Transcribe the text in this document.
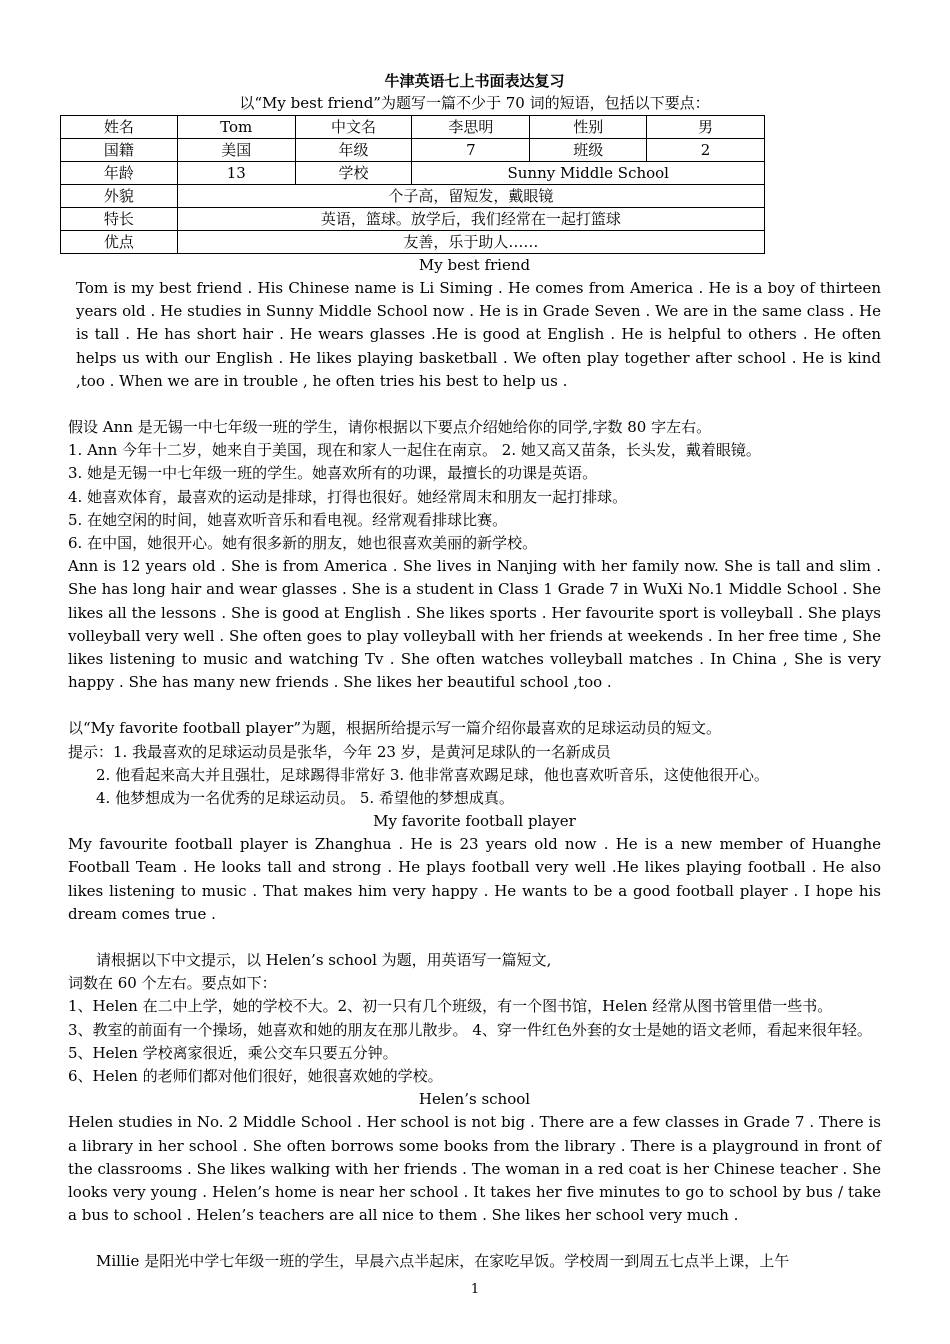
牛津英语七上书面表达复习
以“My best friend”为题写一篇不少于 70 词的短语，包括以下要点：
姓名	Tom	中文名	李思明	性别	男
国籍	美国	年级	7	班级	2
年龄	13	学校	Sunny Middle School		
外貌	个子高，留短发，戴眼镜				
特长	英语，篮球。放学后，我们经常在一起打篮球				
优点	友善，乐于助人……				
My best friend
Tom is my best friend . His Chinese name is Li Siming . He comes from America . He is a boy of thirteen years old . He studies in Sunny Middle School now . He is in Grade Seven . We are in the same class . He is tall . He has short hair . He wears glasses .He is good at English . He is helpful to others . He often helps us with our English . He likes playing basketball . We often play together after school . He is kind ,too . When we are in trouble , he often tries his best to help us .
假设 Ann 是无锡一中七年级一班的学生，请你根据以下要点介绍她给你的同学,字数 80 字左右。
1. Ann 今年十二岁，她来自于美国，现在和家人一起住在南京。 2. 她又高又苗条，长头发，戴着眼镜。
3. 她是无锡一中七年级一班的学生。她喜欢所有的功课，最擅长的功课是英语。
4. 她喜欢体育，最喜欢的运动是排球，打得也很好。她经常周末和朋友一起打排球。
5. 在她空闲的时间，她喜欢听音乐和看电视。经常观看排球比赛。
6. 在中国，她很开心。她有很多新的朋友，她也很喜欢美丽的新学校。
Ann is 12 years old . She is from America . She lives in Nanjing with her family now. She is tall and slim . She has long hair and wear glasses . She is a student in Class 1 Grade 7 in WuXi No.1 Middle School . She likes all the lessons . She is good at English . She likes sports . Her favourite sport is volleyball . She plays volleyball very well . She often goes to play volleyball with her friends at weekends . In her free time , She likes listening to music and watching Tv . She often watches volleyball matches . In China , She is very happy . She has many new friends . She likes her beautiful school ,too .
以“My favorite football player”为题，根据所给提示写一篇介绍你最喜欢的足球运动员的短文。
提示：1. 我最喜欢的足球运动员是张华，今年 23 岁，是黄河足球队的一名新成员
2. 他看起来高大并且强壮，足球踢得非常好 3. 他非常喜欢踢足球，他也喜欢听音乐，这使他很开心。
4. 他梦想成为一名优秀的足球运动员。 5. 希望他的梦想成真。
My favorite football player
My favourite football player is Zhanghua . He is 23 years old now . He is a new member of Huanghe Football Team . He looks tall and strong . He plays football very well .He likes playing football . He also likes listening to music . That makes him very happy . He wants to be a good football player . I hope his dream comes true .
请根据以下中文提示，以 Helen’s school 为题，用英语写一篇短文,
词数在 60 个左右。要点如下：
1、Helen 在二中上学，她的学校不大。2、初一只有几个班级，有一个图书馆，Helen 经常从图书管里借一些书。
3、教室的前面有一个操场，她喜欢和她的朋友在那儿散步。 4、穿一件红色外套的女士是她的语文老师，看起来很年轻。 5、Helen 学校离家很近，乘公交车只要五分钟。
6、Helen 的老师们都对他们很好，她很喜欢她的学校。
Helen’s school
Helen studies in No. 2 Middle School . Her school is not big . There are a few classes in Grade 7 . There is a library in her school . She often borrows some books from the library . There is a playground in front of the classrooms . She likes walking with her friends . The woman in a red coat is her Chinese teacher . She looks very young . Helen’s home is near her school . It takes her five minutes to go to school by bus / take a bus to school . Helen’s teachers are all nice to them . She likes her school very much .
Millie 是阳光中学七年级一班的学生，早晨六点半起床，在家吃早饭。学校周一到周五七点半上课，上午
1
